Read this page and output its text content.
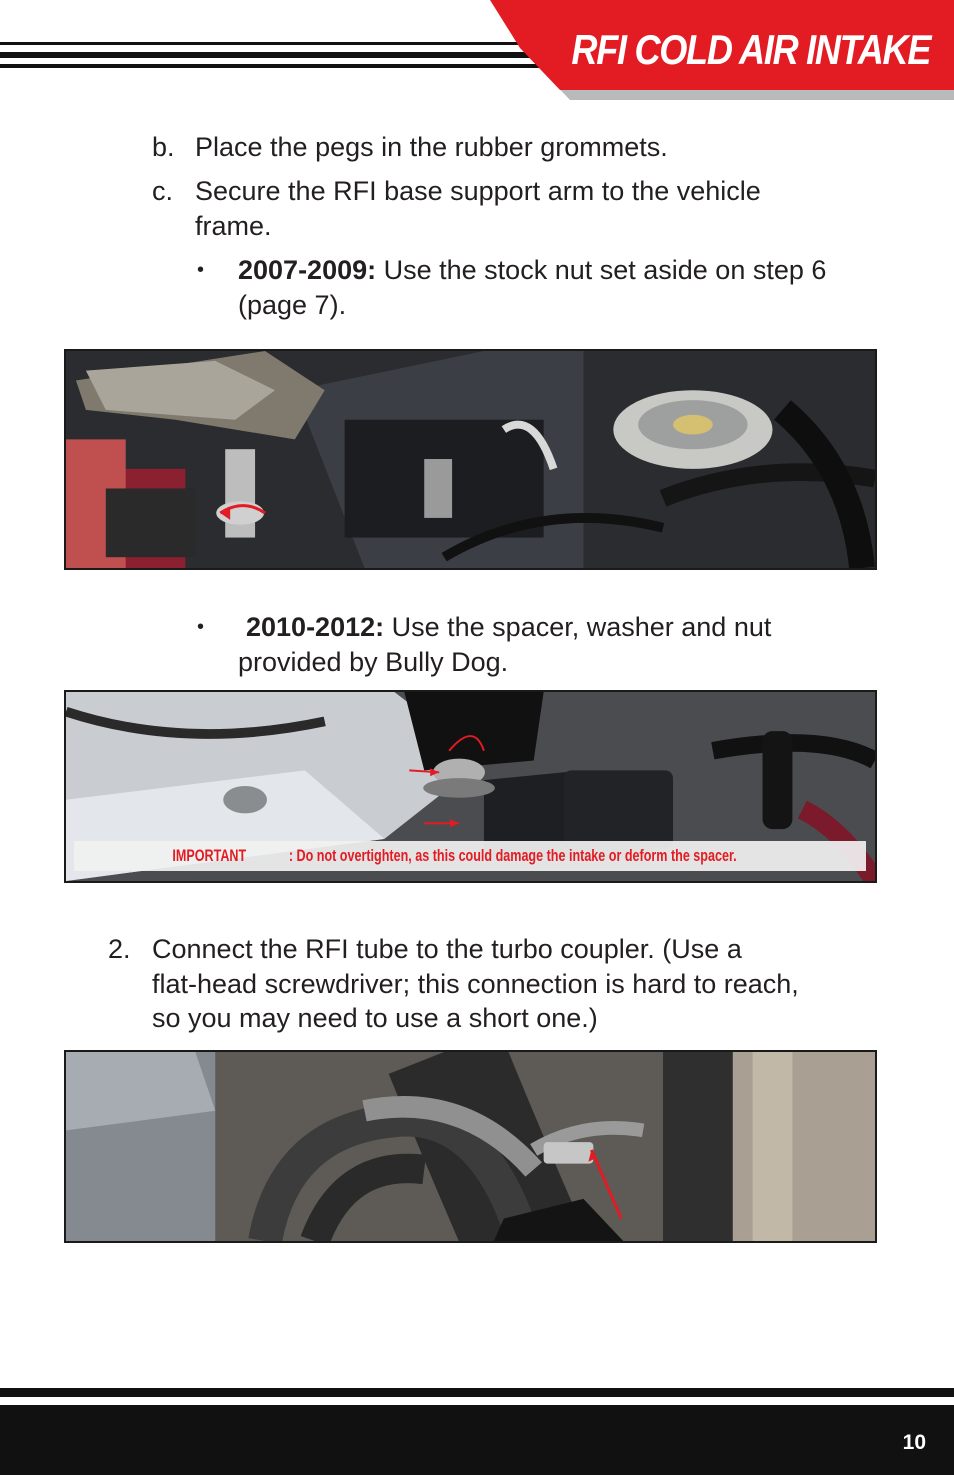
RFI COLD AIR INTAKE
b. Place the pegs in the rubber grommets.
c. Secure the RFI base support arm to the vehicle
frame.
• 2007-2009: Use the stock nut set aside on step 6
(page 7).
• 2010-2012: Use the spacer, washer and nut
provided by Bully Dog.
IMPORTANT : Do not overtighten, as this could damage the intake or deform the spacer.
2. Connect the RFI tube to the turbo coupler. (Use a
flat-head screwdriver; this connection is hard to reach,
so you may need to use a short one.)
10
